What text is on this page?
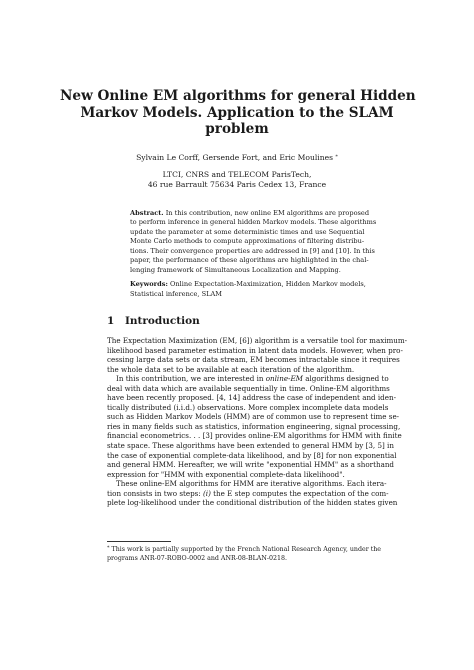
New Online EM algorithms for general Hidden
Markov Models. Application to the SLAM
problem
Sylvain Le Corff, Gersende Fort, and Eric Moulines *
LTCI, CNRS and TELECOM ParisTech,
46 rue Barrault 75634 Paris Cedex 13, France
Abstract. In this contribution, new online EM algorithms are proposed
to perform inference in general hidden Markov models. These algorithms
update the parameter at some deterministic times and use Sequential
Monte Carlo methods to compute approximations of filtering distribu-
tions. Their convergence properties are addressed in [9] and [10]. In this
paper, the performance of these algorithms are highlighted in the chal-
lenging framework of Simultaneous Localization and Mapping.
Keywords: Online Expectation-Maximization, Hidden Markov models,
Statistical inference, SLAM
1 Introduction
The Expectation Maximization (EM, [6]) algorithm is a versatile tool for maximum-
likelihood based parameter estimation in latent data models. However, when pro-
cessing large data sets or data stream, EM becomes intractable since it requires
the whole data set to be available at each iteration of the algorithm.
In this contribution, we are interested in online-EM algorithms designed to
deal with data which are available sequentially in time. Online-EM algorithms
have been recently proposed. [4, 14] address the case of independent and iden-
tically distributed (i.i.d.) observations. More complex incomplete data models
such as Hidden Markov Models (HMM) are of common use to represent time se-
ries in many fields such as statistics, information engineering, signal processing,
financial econometrics. . . [3] provides online-EM algorithms for HMM with finite
state space. These algorithms have been extended to general HMM by [3, 5] in
the case of exponential complete-data likelihood, and by [8] for non exponential
and general HMM. Hereafter, we will write "exponential HMM" as a shorthand
expression for "HMM with exponential complete-data likelihood".
These online-EM algorithms for HMM are iterative algorithms. Each itera-
tion consists in two steps: (i) the E step computes the expectation of the com-
plete log-likelihood under the conditional distribution of the hidden states given
* This work is partially supported by the French National Research Agency, under the
programs ANR-07-ROBO-0002 and ANR-08-BLAN-0218.
